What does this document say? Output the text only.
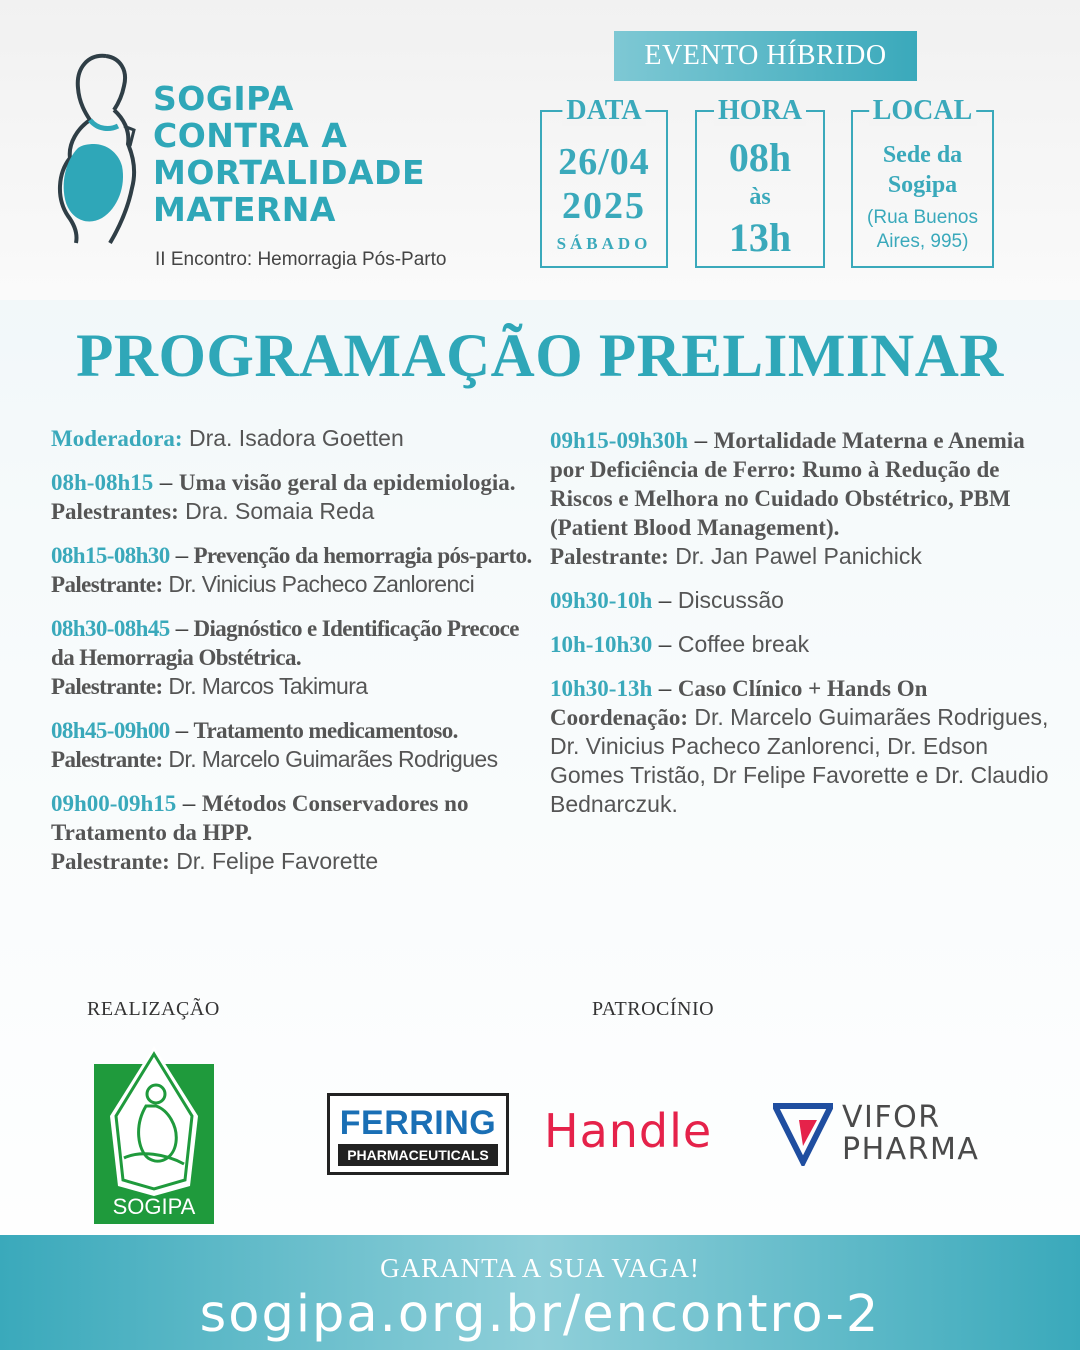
SOGIPA
CONTRA A
MORTALIDADE
MATERNA
II Encontro: Hemorragia Pós-Parto
EVENTO HÍBRIDO
DATA
26/04
2025
SÁBADO
HORA
08h
às
13h
LOCAL
Sede da
Sogipa
(Rua Buenos
Aires, 995)
PROGRAMAÇÃO PRELIMINAR
Moderadora: Dra. Isadora Goetten
08h-08h15 – Uma visão geral da epidemiologia.
Palestrantes: Dra. Somaia Reda
08h15-08h30 – Prevenção da hemorragia pós-parto.
Palestrante: Dr. Vinicius Pacheco Zanlorenci
08h30-08h45 – Diagnóstico e Identificação Precoce da Hemorragia Obstétrica.
Palestrante: Dr. Marcos Takimura
08h45-09h00 – Tratamento medicamentoso.
Palestrante: Dr. Marcelo Guimarães Rodrigues
09h00-09h15 – Métodos Conservadores no Tratamento da HPP.
Palestrante: Dr. Felipe Favorette
09h15-09h30h – Mortalidade Materna e Anemia por Deficiência de Ferro: Rumo à Redução de Riscos e Melhora no Cuidado Obstétrico, PBM (Patient Blood Management).
Palestrante: Dr. Jan Pawel Panichick
09h30-10h – Discussão
10h-10h30 – Coffee break
10h30-13h – Caso Clínico + Hands On
Coordenação: Dr. Marcelo Guimarães Rodrigues, Dr. Vinicius Pacheco Zanlorenci, Dr. Edson Gomes Tristão, Dr Felipe Favorette e Dr. Claudio Bednarczuk.
REALIZAÇÃO	PATROCÍNIO
SOGIPA
FERRING
PHARMACEUTICALS Handle	VIFOR
PHARMA
GARANTA A SUA VAGA!
sogipa.org.br/encontro-2
